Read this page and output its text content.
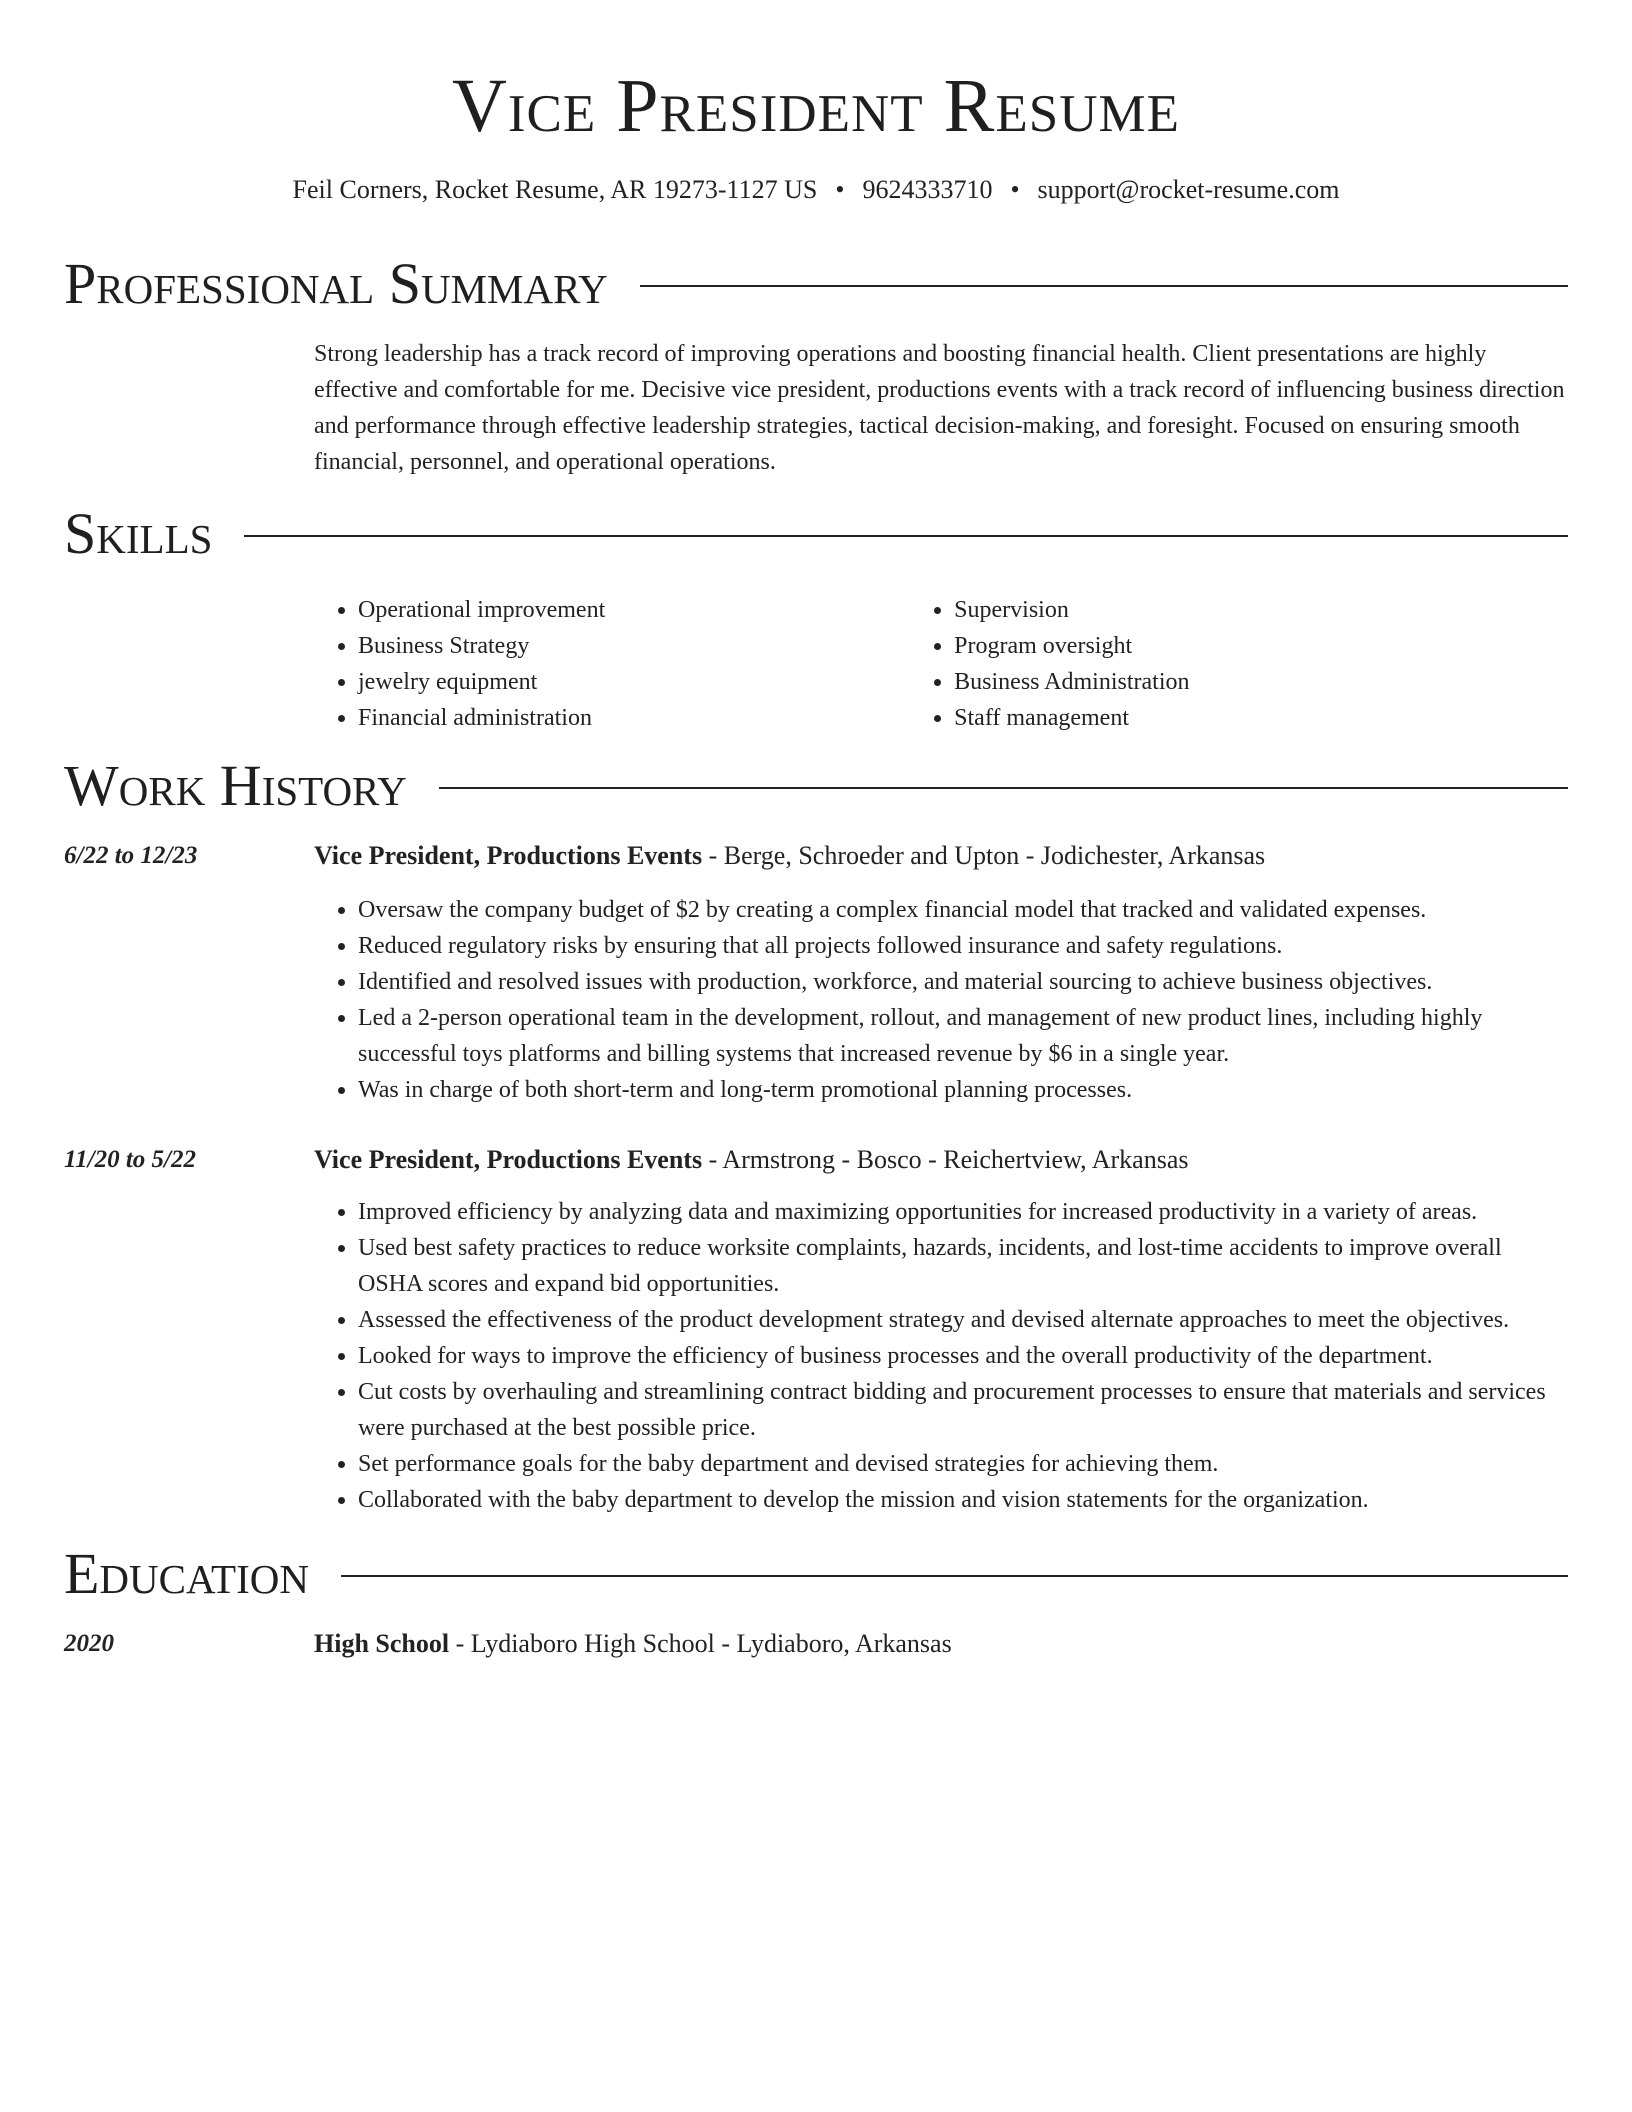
Vice President Resume
Feil Corners, Rocket Resume, AR 19273-1127 US • 9624333710 • support@rocket-resume.com
Professional Summary
Strong leadership has a track record of improving operations and boosting financial health. Client presentations are highly effective and comfortable for me. Decisive vice president, productions events with a track record of influencing business direction and performance through effective leadership strategies, tactical decision-making, and foresight. Focused on ensuring smooth financial, personnel, and operational operations.
Skills
• Operational improvement
• Business Strategy
• jewelry equipment
• Financial administration
• Supervision
• Program oversight
• Business Administration
• Staff management
Work History
6/22 to 12/23	Vice President, Productions Events - Berge, Schroeder and Upton - Jodichester, Arkansas
• Oversaw the company budget of $2 by creating a complex financial model that tracked and validated expenses.
• Reduced regulatory risks by ensuring that all projects followed insurance and safety regulations.
• Identified and resolved issues with production, workforce, and material sourcing to achieve business objectives.
• Led a 2-person operational team in the development, rollout, and management of new product lines, including highly successful toys platforms and billing systems that increased revenue by $6 in a single year.
• Was in charge of both short-term and long-term promotional planning processes.
11/20 to 5/22	Vice President, Productions Events - Armstrong - Bosco - Reichertview, Arkansas
• Improved efficiency by analyzing data and maximizing opportunities for increased productivity in a variety of areas.
• Used best safety practices to reduce worksite complaints, hazards, incidents, and lost-time accidents to improve overall OSHA scores and expand bid opportunities.
• Assessed the effectiveness of the product development strategy and devised alternate approaches to meet the objectives.
• Looked for ways to improve the efficiency of business processes and the overall productivity of the department.
• Cut costs by overhauling and streamlining contract bidding and procurement processes to ensure that materials and services were purchased at the best possible price.
• Set performance goals for the baby department and devised strategies for achieving them.
• Collaborated with the baby department to develop the mission and vision statements for the organization.
Education
2020	High School - Lydiaboro High School - Lydiaboro, Arkansas
